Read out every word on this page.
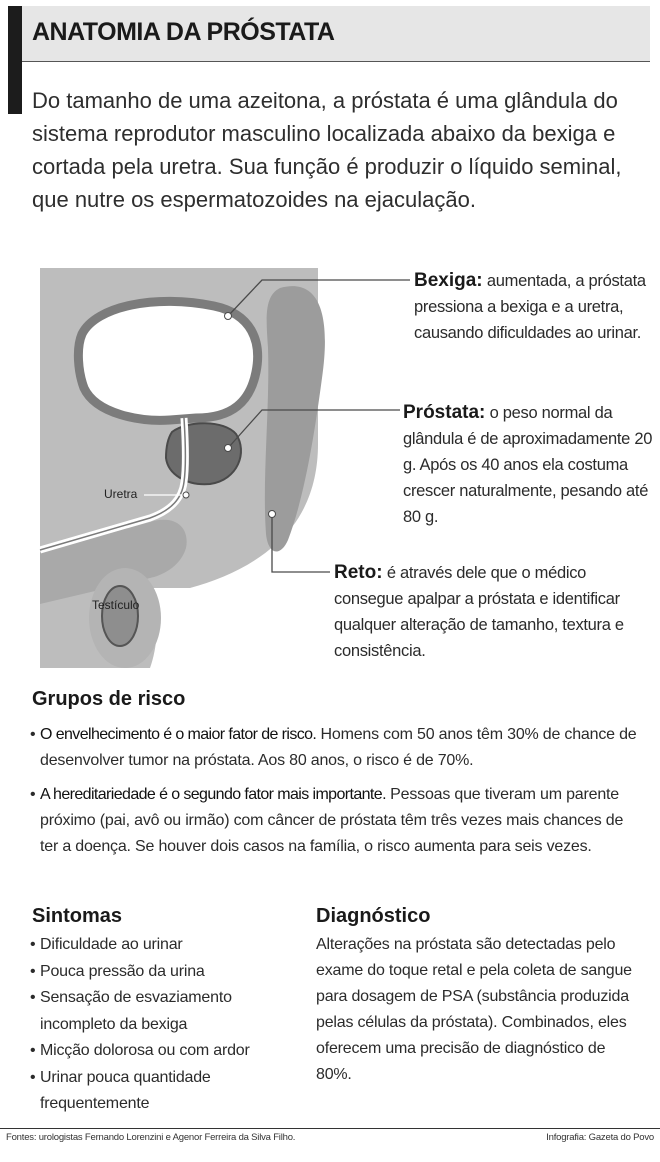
ANATOMIA DA PRÓSTATA
Do tamanho de uma azeitona, a próstata é uma glândula do sistema reprodutor masculino localizada abaixo da bexiga e cortada pela uretra. Sua função é produzir o líquido seminal, que nutre os espermatozoides na ejaculação.
Uretra
Testículo
Bexiga: aumentada, a próstata pressiona a bexiga e a uretra, causando dificuldades ao urinar.
Próstata: o peso normal da glândula é de aproximadamente 20 g. Após os 40 anos ela costuma crescer naturalmente, pesando até 80 g.
Reto: é através dele que o médico consegue apalpar a próstata e identificar qualquer alteração de tamanho, textura e consistência.
Grupos de risco
• O envelhecimento é o maior fator de risco. Homens com 50 anos têm 30% de chance de desenvolver tumor na próstata. Aos 80 anos, o risco é de 70%.
• A hereditariedade é o segundo fator mais importante. Pessoas que tiveram um parente próximo (pai, avô ou irmão) com câncer de próstata têm três vezes mais chances de ter a doença. Se houver dois casos na família, o risco aumenta para seis vezes.
Sintomas
• Dificuldade ao urinar
• Pouca pressão da urina
• Sensação de esvaziamento incompleto da bexiga
• Micção dolorosa ou com ardor
• Urinar pouca quantidade frequentemente
Diagnóstico
Alterações na próstata são detectadas pelo exame do toque retal e pela coleta de sangue para dosagem de PSA (substância produzida pelas células da próstata). Combinados, eles oferecem uma precisão de diagnóstico de 80%.
Fontes: urologistas Fernando Lorenzini e Agenor Ferreira da Silva Filho.	Infografia: Gazeta do Povo
